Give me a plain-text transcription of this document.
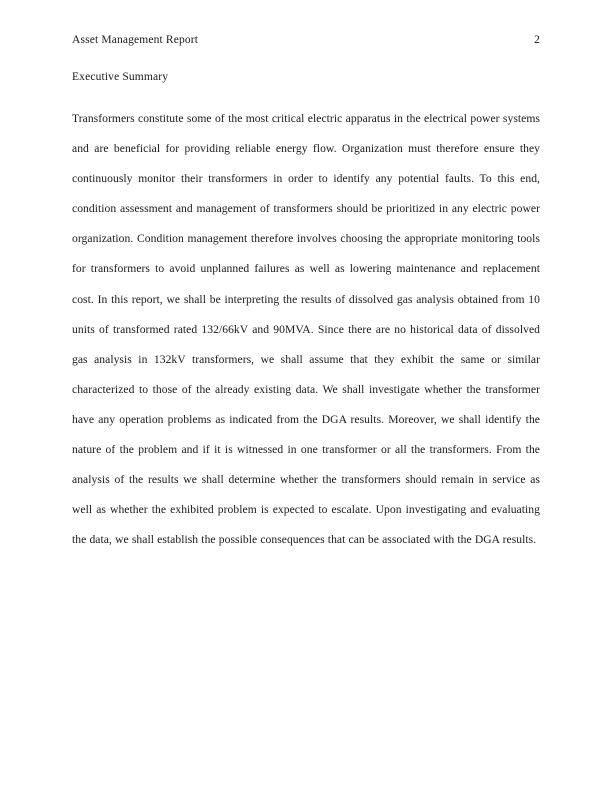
Asset Management Report	2
Executive Summary

Transformers constitute some of the most critical electric apparatus in the electrical power systems and are beneficial for providing reliable energy flow. Organization must therefore ensure they continuously monitor their transformers in order to identify any potential faults. To this end, condition assessment and management of transformers should be prioritized in any electric power organization. Condition management therefore involves choosing the appropriate monitoring tools for transformers to avoid unplanned failures as well as lowering maintenance and replacement cost. In this report, we shall be interpreting the results of dissolved gas analysis obtained from 10 units of transformed rated 132/66kV and 90MVA. Since there are no historical data of dissolved gas analysis in 132kV transformers, we shall assume that they exhibit the same or similar characterized to those of the already existing data. We shall investigate whether the transformer have any operation problems as indicated from the DGA results. Moreover, we shall identify the nature of the problem and if it is witnessed in one transformer or all the transformers. From the analysis of the results we shall determine whether the transformers should remain in service as well as whether the exhibited problem is expected to escalate. Upon investigating and evaluating the data, we shall establish the possible consequences that can be associated with the DGA results.
